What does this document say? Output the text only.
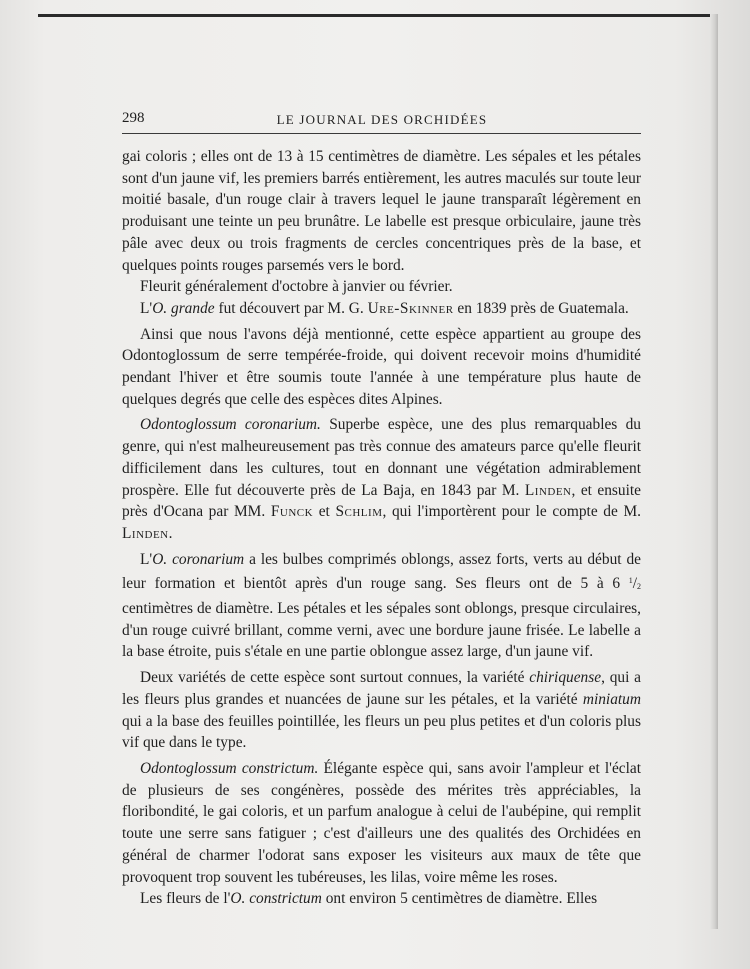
298	LE JOURNAL DES ORCHIDÉES

gai coloris ; elles ont de 13 à 15 centimètres de diamètre. Les sépales et les pétales sont d'un jaune vif, les premiers barrés entièrement, les autres maculés sur toute leur moitié basale, d'un rouge clair à travers lequel le jaune transparaît légèrement en produisant une teinte un peu brunâtre. Le labelle est presque orbiculaire, jaune très pâle avec deux ou trois fragments de cercles concentriques près de la base, et quelques points rouges parsemés vers le bord.

Fleurit généralement d'octobre à janvier ou février.

L'O. grande fut découvert par M. G. Ure-Skinner en 1839 près de Guatemala.

Ainsi que nous l'avons déjà mentionné, cette espèce appartient au groupe des Odontoglossum de serre tempérée-froide, qui doivent recevoir moins d'humidité pendant l'hiver et être soumis toute l'année à une température plus haute de quelques degrés que celle des espèces dites Alpines.

Odontoglossum coronarium. Superbe espèce, une des plus remarquables du genre, qui n'est malheureusement pas très connue des amateurs parce qu'elle fleurit difficilement dans les cultures, tout en donnant une végétation admirablement prospère. Elle fut découverte près de La Baja, en 1843 par M. Linden, et ensuite près d'Ocana par MM. Funck et Schlim, qui l'importèrent pour le compte de M. Linden.

L'O. coronarium a les bulbes comprimés oblongs, assez forts, verts au début de leur formation et bientôt après d'un rouge sang. Ses fleurs ont de 5 à 6 $^1/_2$ centimètres de diamètre. Les pétales et les sépales sont oblongs, presque circulaires, d'un rouge cuivré brillant, comme verni, avec une bordure jaune frisée. Le labelle a la base étroite, puis s'étale en une partie oblongue assez large, d'un jaune vif.

Deux variétés de cette espèce sont surtout connues, la variété chiriquense, qui a les fleurs plus grandes et nuancées de jaune sur les pétales, et la variété miniatum qui a la base des feuilles pointillée, les fleurs un peu plus petites et d'un coloris plus vif que dans le type.

Odontoglossum constrictum. Élégante espèce qui, sans avoir l'ampleur et l'éclat de plusieurs de ses congénères, possède des mérites très appréciables, la floribondité, le gai coloris, et un parfum analogue à celui de l'aubépine, qui remplit toute une serre sans fatiguer ; c'est d'ailleurs une des qualités des Orchidées en général de charmer l'odorat sans exposer les visiteurs aux maux de tête que provoquent trop souvent les tubéreuses, les lilas, voire même les roses.

Les fleurs de l'O. constrictum ont environ 5 centimètres de diamètre. Elles
